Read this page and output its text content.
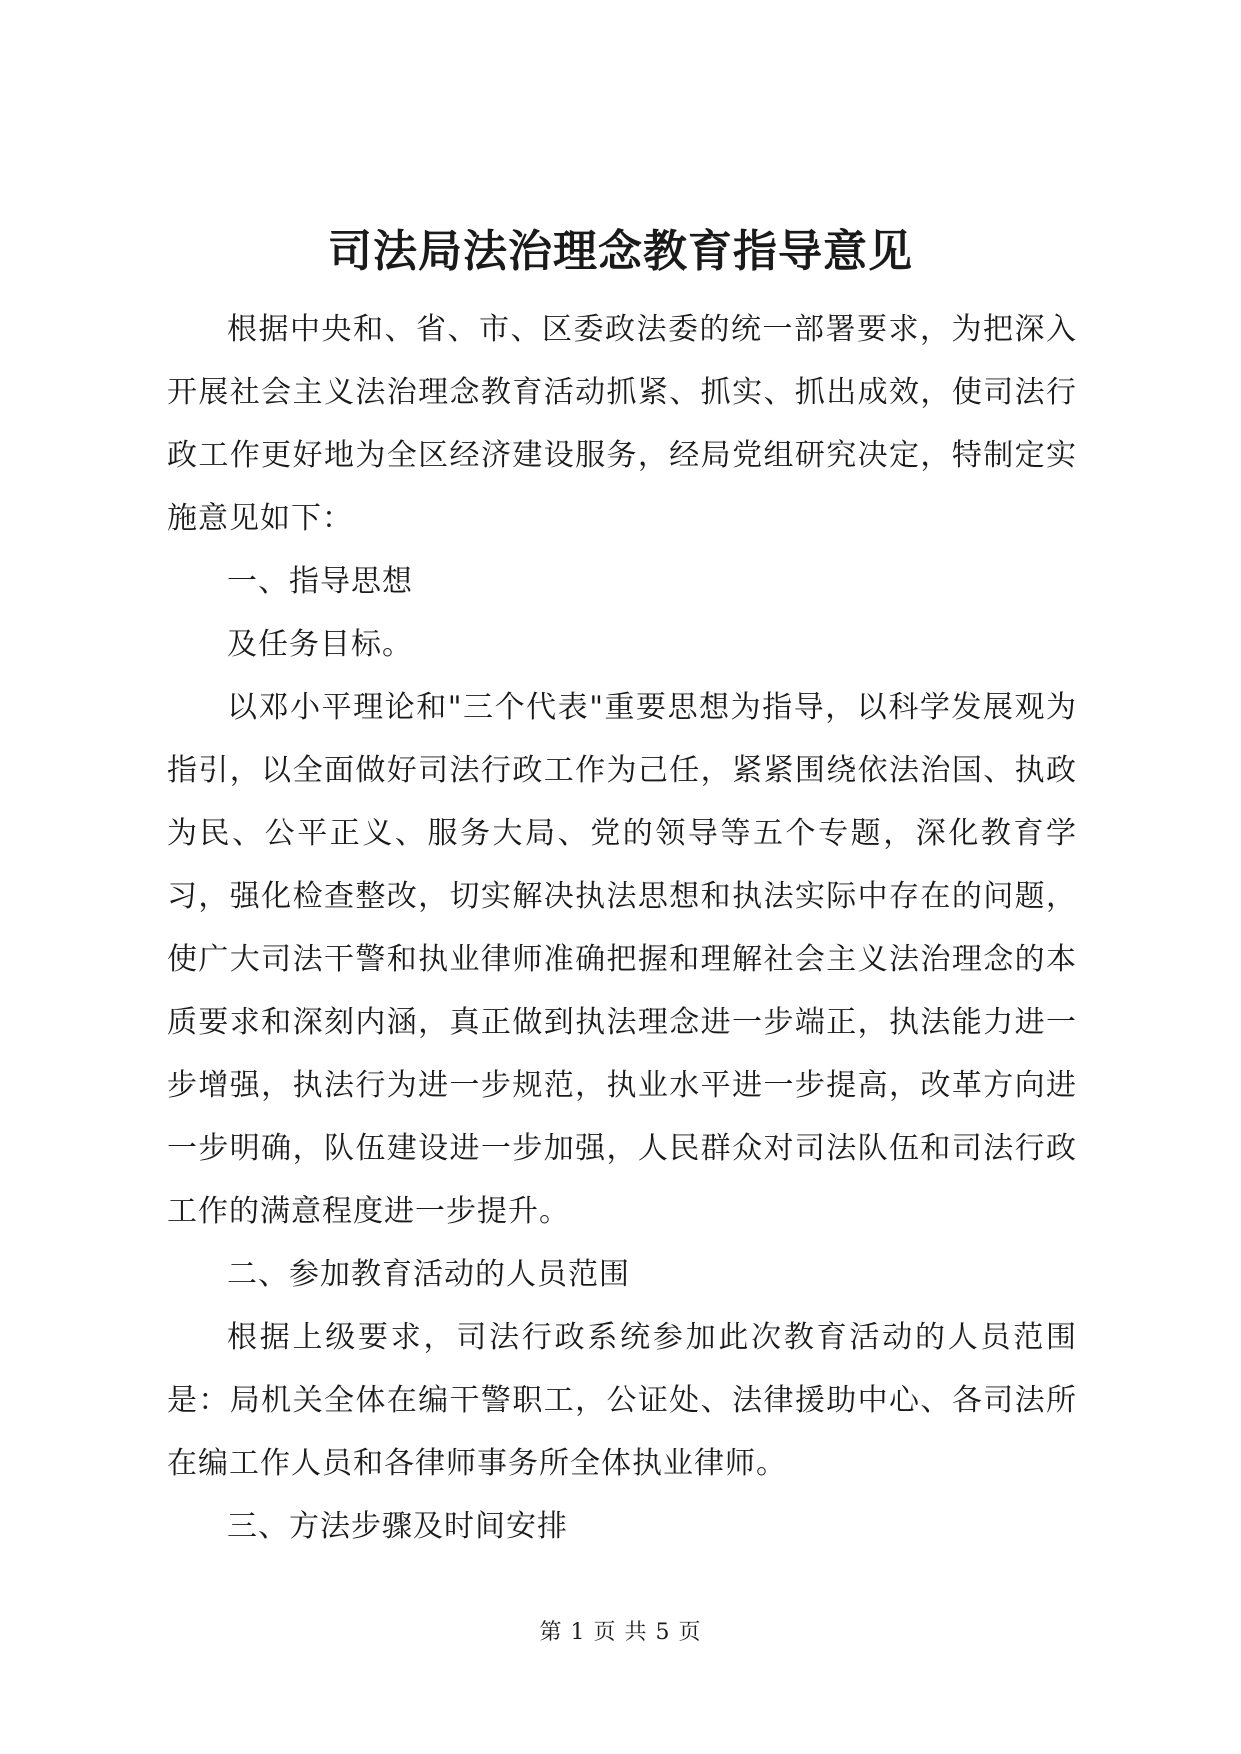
司法局法治理念教育指导意见

根据中央和、省、市、区委政法委的统一部署要求，为把深入开展社会主义法治理念教育活动抓紧、抓实、抓出成效，使司法行政工作更好地为全区经济建设服务，经局党组研究决定，特制定实施意见如下：

一、指导思想

及任务目标。

以邓小平理论和"三个代表"重要思想为指导，以科学发展观为指引，以全面做好司法行政工作为己任，紧紧围绕依法治国、执政为民、公平正义、服务大局、党的领导等五个专题，深化教育学习，强化检查整改，切实解决执法思想和执法实际中存在的问题，使广大司法干警和执业律师准确把握和理解社会主义法治理念的本质要求和深刻内涵，真正做到执法理念进一步端正，执法能力进一步增强，执法行为进一步规范，执业水平进一步提高，改革方向进一步明确，队伍建设进一步加强，人民群众对司法队伍和司法行政工作的满意程度进一步提升。

二、参加教育活动的人员范围

根据上级要求，司法行政系统参加此次教育活动的人员范围是：局机关全体在编干警职工，公证处、法律援助中心、各司法所在编工作人员和各律师事务所全体执业律师。

三、方法步骤及时间安排

第 1 页 共 5 页
